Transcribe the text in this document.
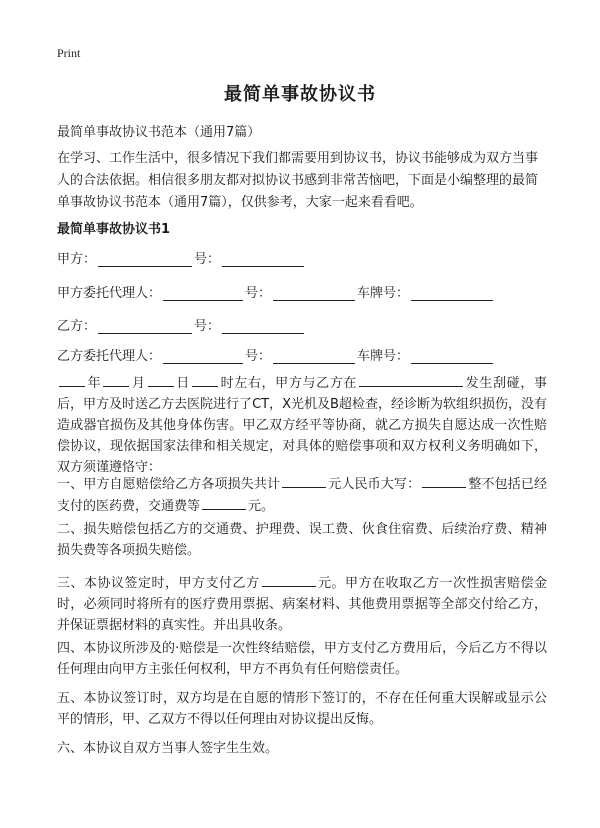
Print
最简单事故协议书
最简单事故协议书范本（通用7篇）
在学习、工作生活中，很多情况下我们都需要用到协议书，协议书能够成为双方当事人的合法依据。相信很多朋友都对拟协议书感到非常苦恼吧，下面是小编整理的最简单事故协议书范本（通用7篇），仅供参考，大家一起来看看吧。
最简单事故协议书1
甲方：	号：
甲方委托代理人：	号：	车牌号：
乙方：	号：
乙方委托代理人：	号：	车牌号：
年 月 日 时左右，甲方与乙方在	发生刮碰，事后，甲方及时送乙方去医院进行了CT，X光机及B超检查，经诊断为软组织损伤，没有造成器官损伤及其他身体伤害。甲乙双方经平等协商，就乙方损失自愿达成一次性赔偿协议，现依据国家法律和相关规定，对具体的赔偿事项和双方权利义务明确如下，双方须谨遵恪守：
一、甲方自愿赔偿给乙方各项损失共计	元人民币大写：	整不包括已经支付的医药费，交通费等	元。
二、损失赔偿包括乙方的交通费、护理费、误工费、伙食住宿费、后续治疗费、精神损失费等各项损失赔偿。
三、本协议签定时，甲方支付乙方	元。甲方在收取乙方一次性损害赔偿金时，必须同时将所有的医疗费用票据、病案材料、其他费用票据等全部交付给乙方，并保证票据材料的真实性。并出具收条。
四、本协议所涉及的·赔偿是一次性终结赔偿，甲方支付乙方费用后，今后乙方不得以任何理由向甲方主张任何权利，甲方不再负有任何赔偿责任。
五、本协议签订时，双方均是在自愿的情形下签订的，不存在任何重大误解或显示公平的情形，甲、乙双方不得以任何理由对协议提出反悔。
六、本协议自双方当事人签字生生效。
